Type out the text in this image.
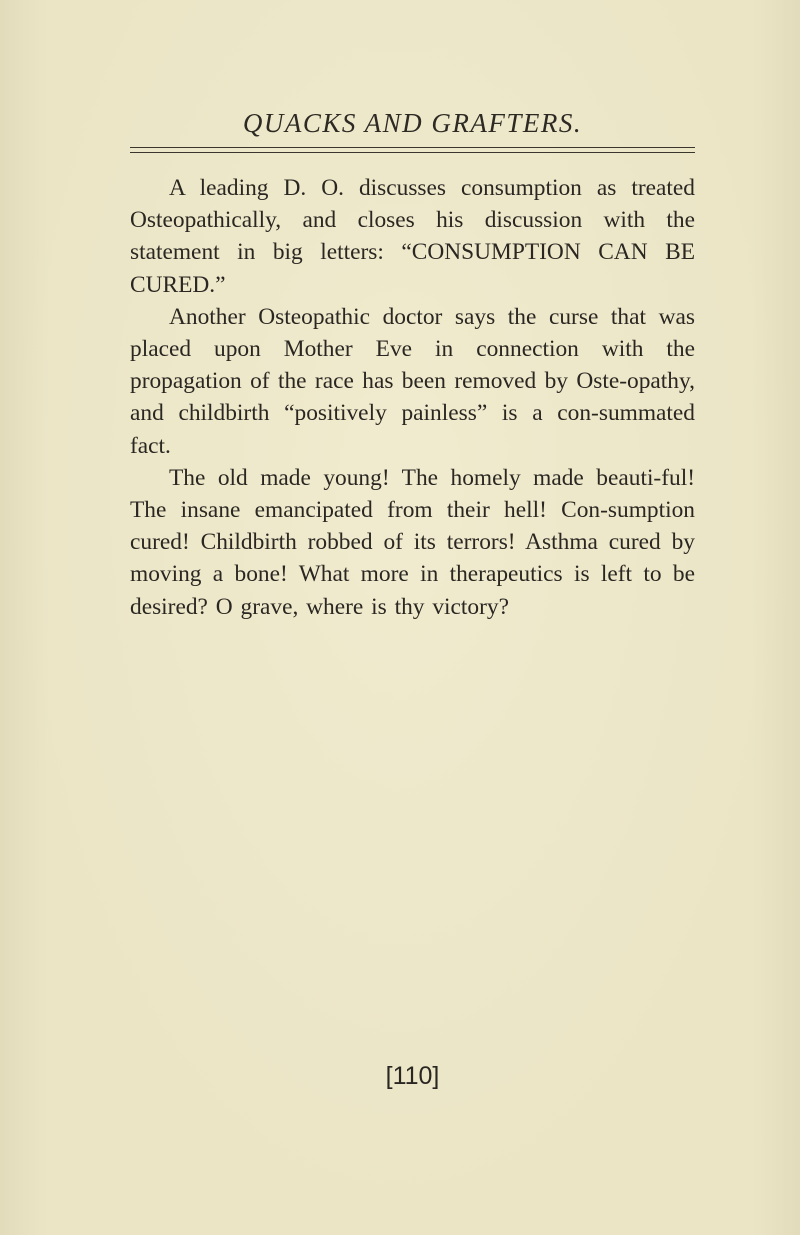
QUACKS AND GRAFTERS.

A leading D. O. discusses consumption as treated Osteopathically, and closes his discussion with the statement in big letters: “CONSUMPTION CAN BE CURED.”

Another Osteopathic doctor says the curse that was placed upon Mother Eve in connection with the propagation of the race has been removed by Oste-opathy, and childbirth “positively painless” is a con-summated fact.

The old made young! The homely made beauti-ful! The insane emancipated from their hell! Con-sumption cured! Childbirth robbed of its terrors! Asthma cured by moving a bone! What more in therapeutics is left to be desired? O grave, where is thy victory?

[110]
